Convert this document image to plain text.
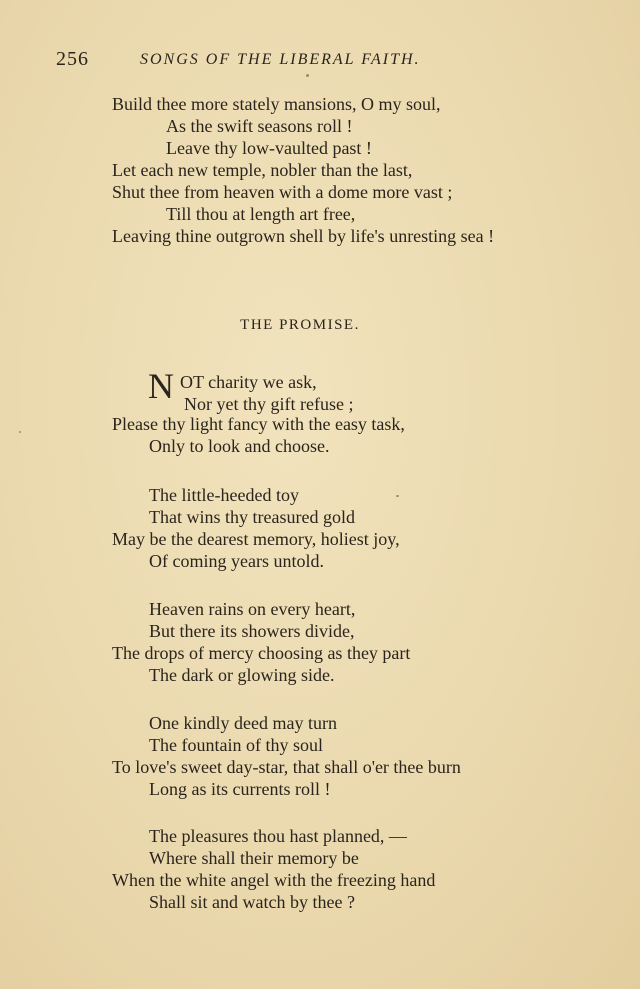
256	SONGS OF THE LIBERAL FAITH.
Build thee more stately mansions, O my soul,
As the swift seasons roll !
Leave thy low-vaulted past !
Let each new temple, nobler than the last,
Shut thee from heaven with a dome more vast ;
Till thou at length art free,
Leaving thine outgrown shell by life's unresting sea !
THE PROMISE.
N OT charity we ask,
Nor yet thy gift refuse ;
Please thy light fancy with the easy task,
Only to look and choose.
The little-heeded toy
That wins thy treasured gold
May be the dearest memory, holiest joy,
Of coming years untold.
Heaven rains on every heart,
But there its showers divide,
The drops of mercy choosing as they part
The dark or glowing side.
One kindly deed may turn
The fountain of thy soul
To love's sweet day-star, that shall o'er thee burn
Long as its currents roll !
The pleasures thou hast planned, —
Where shall their memory be
When the white angel with the freezing hand
Shall sit and watch by thee ?
